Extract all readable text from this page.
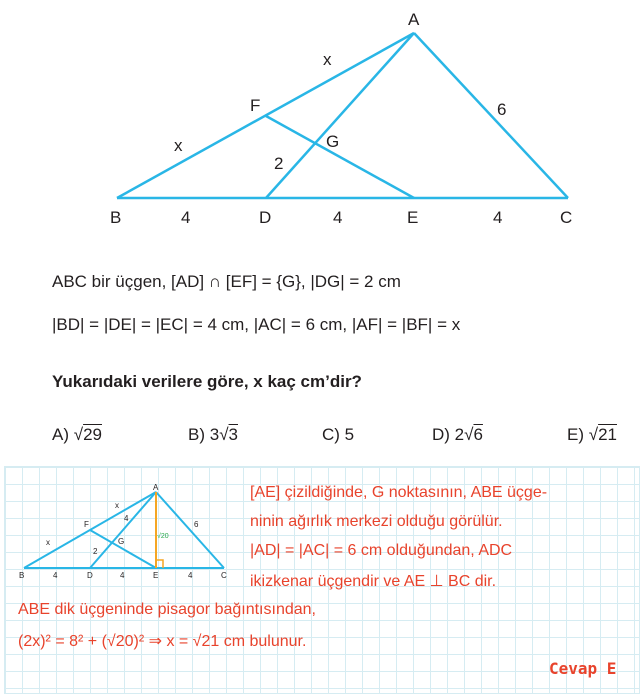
A
B	C
D	E
F
G
x
x
6
2
4	4	4
ABC bir üçgen, [AD] ∩ [EF] = {G}, |DG| = 2 cm
|BD| = |DE| = |EC| = 4 cm, |AC| = 6 cm, |AF| = |BF| = x
Yukarıdaki verilere göre, x kaç cm’dir?
A) √29	B) 3√3	C) 5	D) 2√6	E) √21
A
B	C
D	E
F
G
x
x
4
6
2
4	4	4
√20
[AE] çizildiğinde, G noktasının, ABE üçge-
ninin ağırlık merkezi olduğu görülür.
|AD| = |AC| = 6 cm olduğundan, ADC
ikizkenar üçgendir ve AE ⊥ BC dir.
ABE dik üçgeninde pisagor bağıntısından,
(2x)² = 8² + (√20)² ⇒ x = √21 cm bulunur.
Cevap E
